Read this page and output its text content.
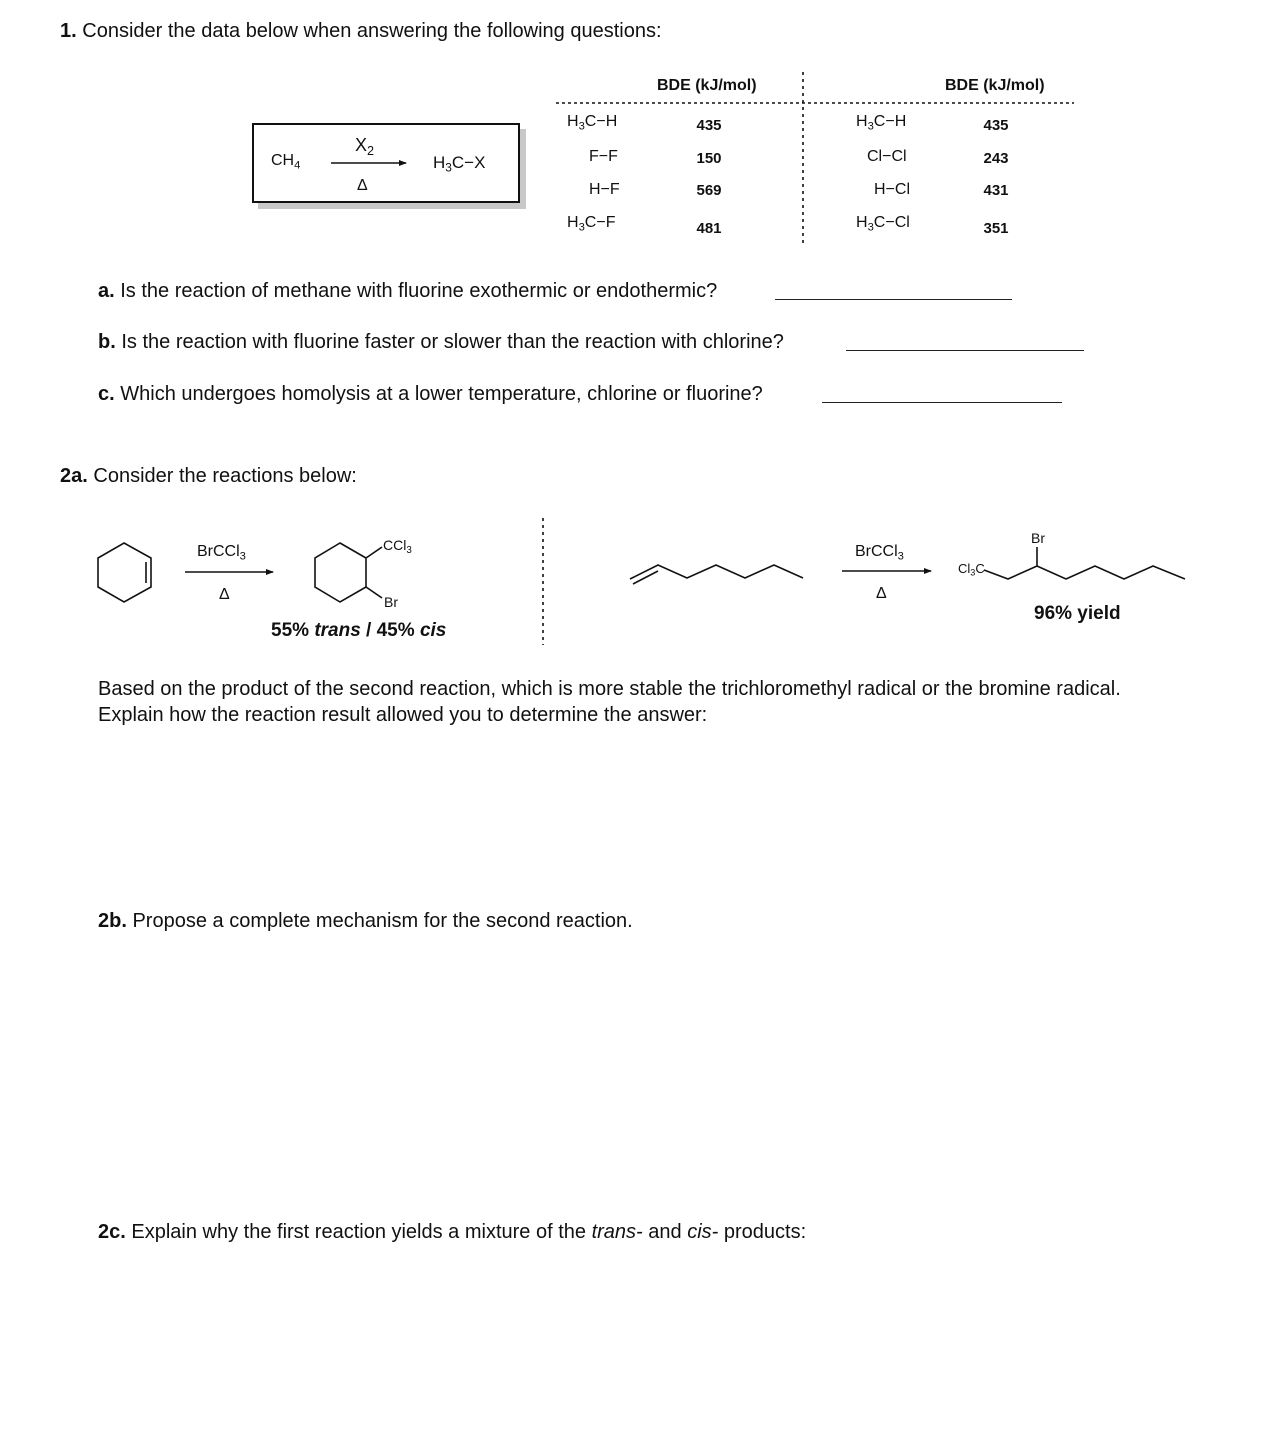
1. Consider the data below when answering the following questions:
$CH_4$
$X_2$
Δ
$H_3C-X$
BDE (kJ/mol)
$H_3C-H$
F−F
H−F
$H_3C-F$
435
150
569
481
BDE (kJ/mol)
$H_3C-H$
Cl−Cl
H−Cl
$H_3C-Cl$
435
243
431
351
a. Is the reaction of methane with fluorine exothermic or endothermic?
b. Is the reaction with fluorine faster or slower than the reaction with chlorine?
c. Which undergoes homolysis at a lower temperature, chlorine or fluorine?
2a. Consider the reactions below:
BrCCl$_3$
Δ
CCl$_3$
Br
55% trans / 45% cis
BrCCl$_3$
Δ
$Cl_3C$
Br
96% yield
Based on the product of the second reaction, which is more stable the trichloromethyl radical or the bromine radical.
Explain how the reaction result allowed you to determine the answer:
2b. Propose a complete mechanism for the second reaction.
2c. Explain why the first reaction yields a mixture of the trans- and cis- products:
